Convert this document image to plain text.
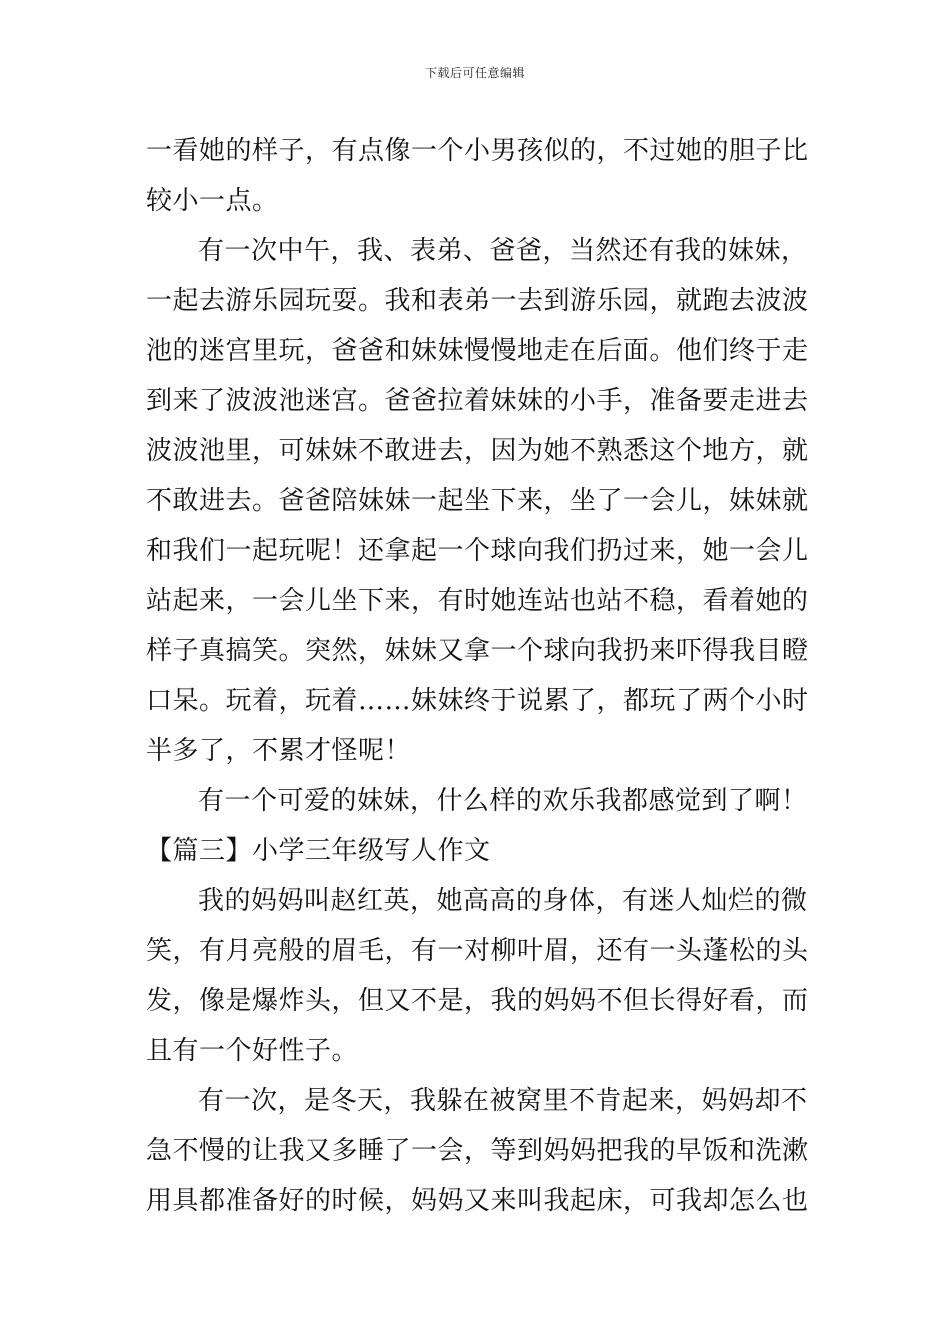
下载后可任意编辑
一看她的样子，有点像一个小男孩似的，不过她的胆子比
较小一点。
有一次中午，我、表弟、爸爸，当然还有我的妹妹，
一起去游乐园玩耍。我和表弟一去到游乐园，就跑去波波
池的迷宫里玩，爸爸和妹妹慢慢地走在后面。他们终于走
到来了波波池迷宫。爸爸拉着妹妹的小手，准备要走进去
波波池里，可妹妹不敢进去，因为她不熟悉这个地方，就
不敢进去。爸爸陪妹妹一起坐下来，坐了一会儿，妹妹就
和我们一起玩呢！还拿起一个球向我们扔过来，她一会儿
站起来，一会儿坐下来，有时她连站也站不稳，看着她的
样子真搞笑。突然，妹妹又拿一个球向我扔来吓得我目瞪
口呆。玩着，玩着……妹妹终于说累了，都玩了两个小时
半多了，不累才怪呢！
有一个可爱的妹妹，什么样的欢乐我都感觉到了啊！
【篇三】小学三年级写人作文
我的妈妈叫赵红英，她高高的身体，有迷人灿烂的微
笑，有月亮般的眉毛，有一对柳叶眉，还有一头蓬松的头
发，像是爆炸头，但又不是，我的妈妈不但长得好看，而
且有一个好性子。
有一次，是冬天，我躲在被窝里不肯起来，妈妈却不
急不慢的让我又多睡了一会，等到妈妈把我的早饭和洗漱
用具都准备好的时候，妈妈又来叫我起床，可我却怎么也
